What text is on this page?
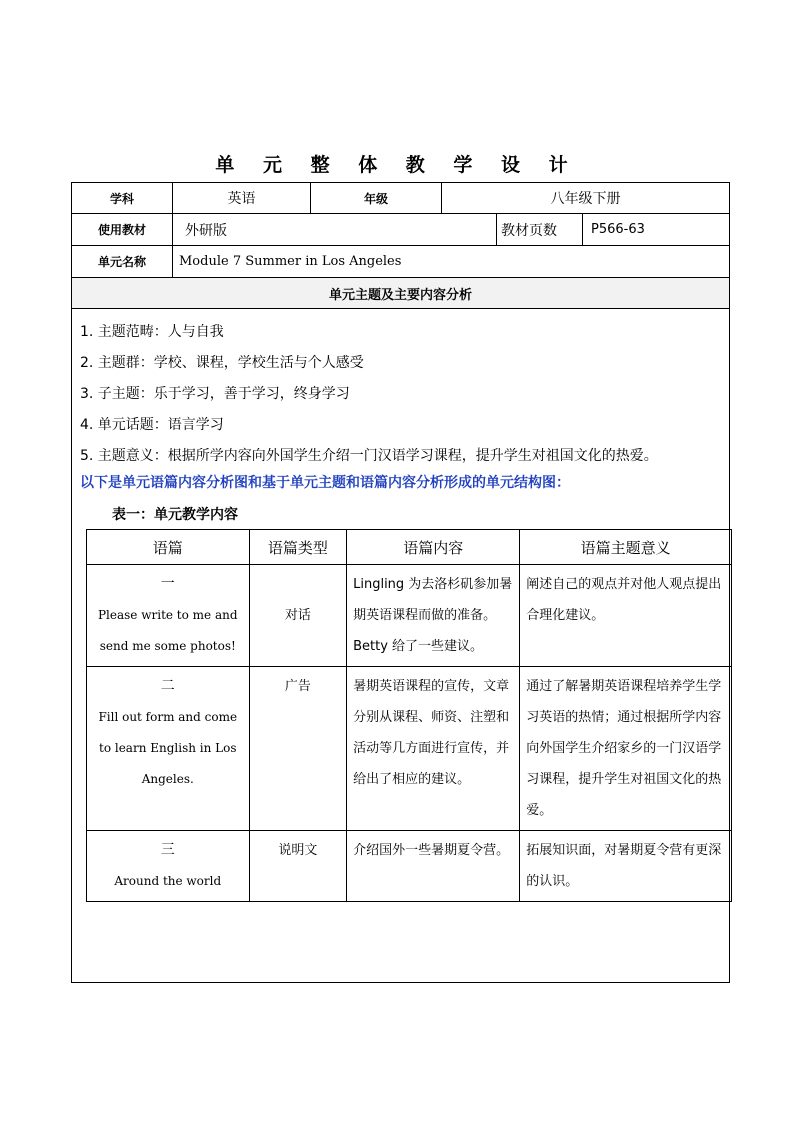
单 元 整 体 教 学 设 计
学科	英语	年级	八年级下册
使用教材	外研版	教材页数	P566-63
单元名称	Module 7 Summer in Los Angeles
单元主题及主要内容分析
1. 主题范畴：人与自我
2. 主题群：学校、课程，学校生活与个人感受
3. 子主题：乐于学习，善于学习，终身学习
4. 单元话题：语言学习
5. 主题意义：根据所学内容向外国学生介绍一门汉语学习课程，提升学生对祖国文化的热爱。
以下是单元语篇内容分析图和基于单元主题和语篇内容分析形成的单元结构图：
表一：单元教学内容
语篇	语篇类型	语篇内容	语篇主题意义

一
Please write to me and send me some photos!	对话	Lingling 为去洛杉矶参加暑期英语课程而做的准备。Betty 给了一些建议。	阐述自己的观点并对他人观点提出合理化建议。

二
Fill out form and come to learn English in Los Angeles.	广告	暑期英语课程的宣传，文章分别从课程、师资、注塑和活动等几方面进行宣传，并给出了相应的建议。	通过了解暑期英语课程培养学生学习英语的热情；通过根据所学内容向外国学生介绍家乡的一门汉语学习课程，提升学生对祖国文化的热爱。

三
Around the world	说明文	介绍国外一些暑期夏令营。	拓展知识面，对暑期夏令营有更深的认识。
